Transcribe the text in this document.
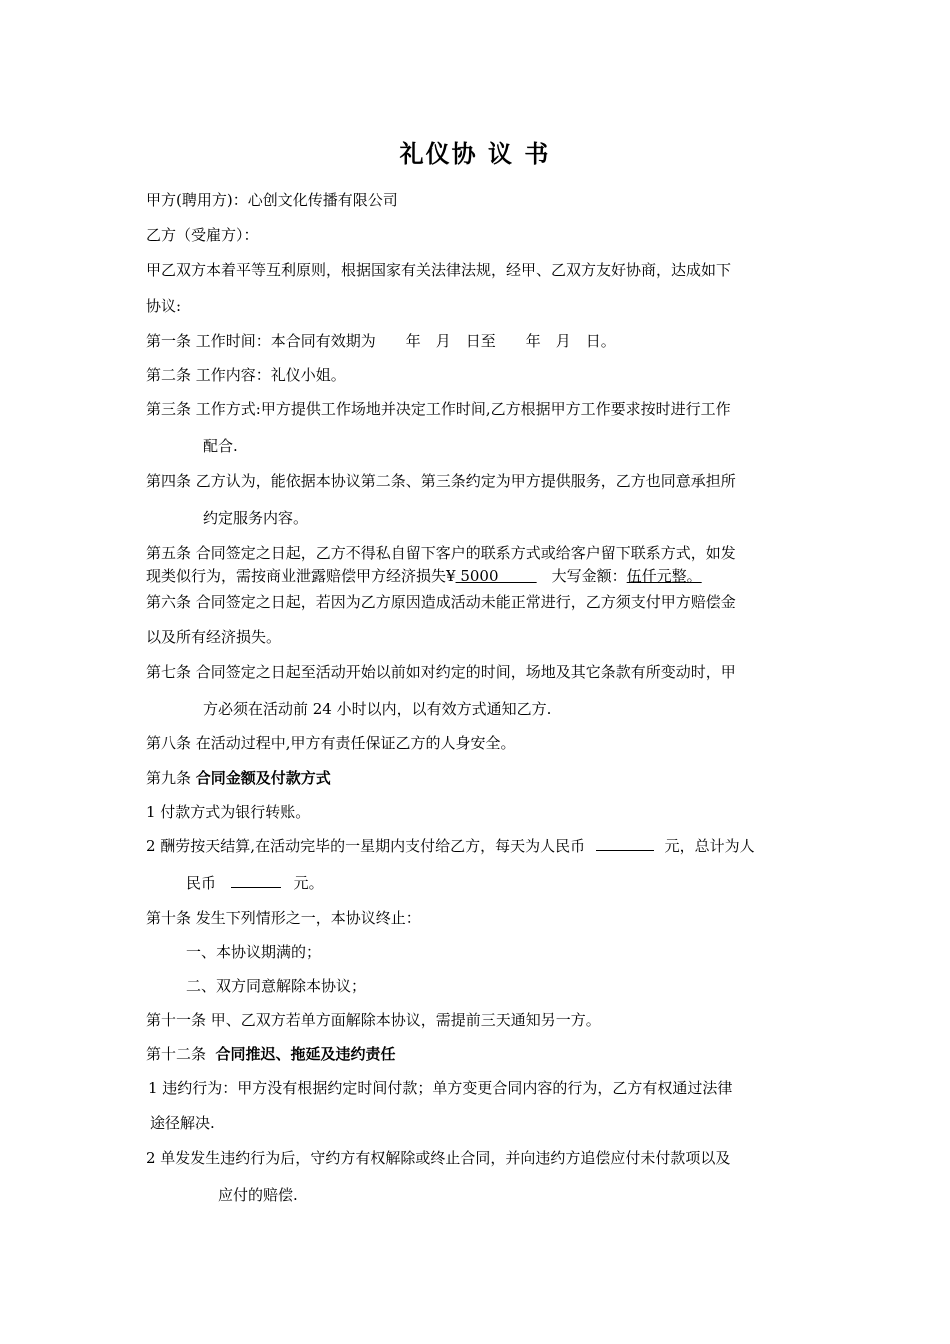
礼仪协 议 书
甲方(聘用方)：心创文化传播有限公司
乙方（受雇方）：
甲乙双方本着平等互利原则，根据国家有关法律法规，经甲、乙双方友好协商，达成如下
协议:
第一条 工作时间：本合同有效期为　　年　月　日至　　年　月　日。
第二条 工作内容：礼仪小姐。
第三条 工作方式:甲方提供工作场地并决定工作时间,乙方根据甲方工作要求按时进行工作
配合.
第四条 乙方认为，能依据本协议第二条、第三条约定为甲方提供服务，乙方也同意承担所
约定服务内容。
第五条 合同签定之日起，乙方不得私自留下客户的联系方式或给客户留下联系方式，如发
现类似行为，需按商业泄露赔偿甲方经济损失¥ 5000        　大写金额：伍仟元整。
第六条 合同签定之日起，若因为乙方原因造成活动未能正常进行，乙方须支付甲方赔偿金
以及所有经济损失。
第七条 合同签定之日起至活动开始以前如对约定的时间，场地及其它条款有所变动时，甲
方必须在活动前 24 小时以内，以有效方式通知乙方.
第八条 在活动过程中,甲方有责任保证乙方的人身安全。
第九条 合同金额及付款方式
1 付款方式为银行转账。
2 酬劳按天结算,在活动完毕的一星期内支付给乙方，每天为人民币	元，总计为人
民币	元。
第十条 发生下列情形之一，本协议终止：
一、本协议期满的；
二、双方同意解除本协议；
第十一条 甲、乙双方若单方面解除本协议，需提前三天通知另一方。
第十二条  合同推迟、拖延及违约责任
1 违约行为：甲方没有根据约定时间付款；单方变更合同内容的行为，乙方有权通过法律
途径解决.
2 单发发生违约行为后，守约方有权解除或终止合同，并向违约方追偿应付未付款项以及
应付的赔偿.
